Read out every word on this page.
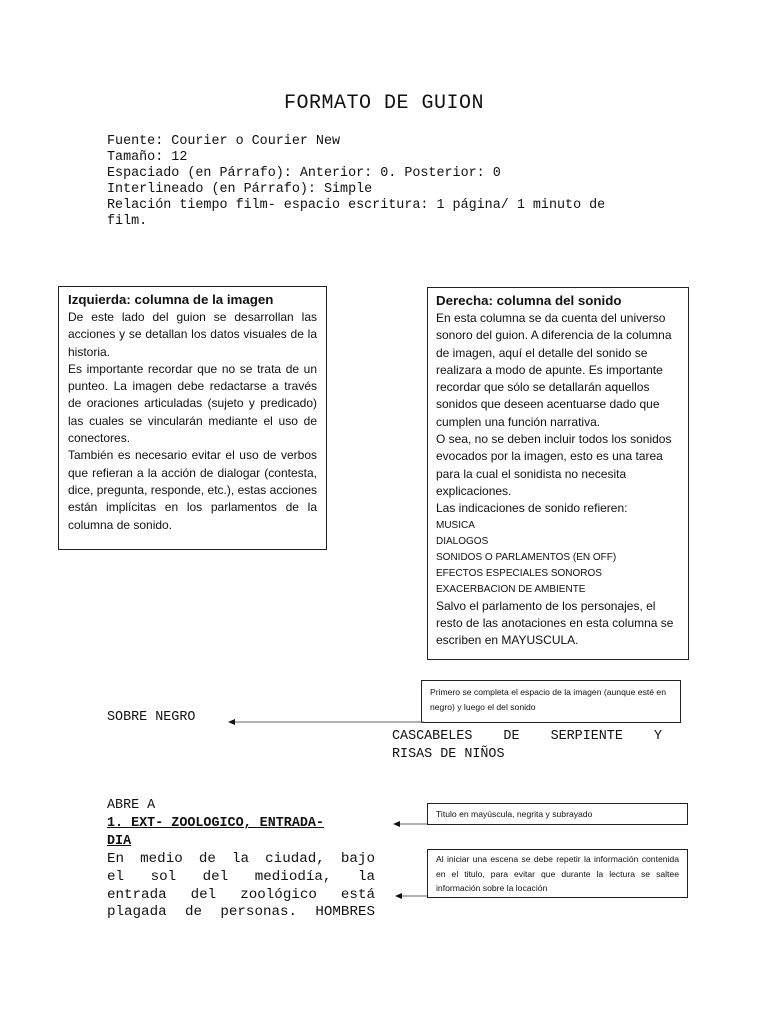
FORMATO DE GUION
Fuente: Courier o Courier New
Tamaño: 12
Espaciado (en Párrafo): Anterior: 0. Posterior: 0
Interlineado (en Párrafo): Simple
Relación tiempo film- espacio escritura: 1 página/ 1 minuto de film.
Izquierda: columna de la imagen

De este lado del guion se desarrollan las acciones y se detallan los datos visuales de la historia.

Es importante recordar que no se trata de un punteo. La imagen debe redactarse a través de oraciones articuladas (sujeto y predicado) las cuales se vincularán mediante el uso de conectores.

También es necesario evitar el uso de verbos que refieran a la acción de dialogar (contesta, dice, pregunta, responde, etc.), estas acciones están implícitas en los parlamentos de la columna de sonido.

Derecha: columna del sonido

En esta columna se da cuenta del universo sonoro del guion. A diferencia de la columna de imagen, aquí el detalle del sonido se realizara a modo de apunte. Es importante recordar que sólo se detallarán aquellos sonidos que deseen acentuarse dado que cumplen una función narrativa.

O sea, no se deben incluir todos los sonidos evocados por la imagen, esto es una tarea para la cual el sonidista no necesita explicaciones.

Las indicaciones de sonido refieren:

MUSICA

DIALOGOS

SONIDOS O PARLAMENTOS (EN OFF)

EFECTOS ESPECIALES SONOROS

EXACERBACION DE AMBIENTE

Salvo el parlamento de los personajes, el resto de las anotaciones en esta columna se escriben en MAYUSCULA.

Primero se completa el espacio de la imagen (aunque esté en negro) y luego el del sonido
SOBRE NEGRO
CASCABELES DE SERPIENTE Y
RISAS DE NIÑOS
ABRE A
1. EXT- ZOOLOGICO, ENTRADA-
DIA
Titulo en mayúscula, negrita y subrayado
En medio de la ciudad, bajo
el sol del mediodía, la
entrada del zoológico está
plagada de personas. HOMBRES
Al iniciar una escena se debe repetir la información contenida en el titulo, para evitar que durante la lectura se saltee información sobre la locación
